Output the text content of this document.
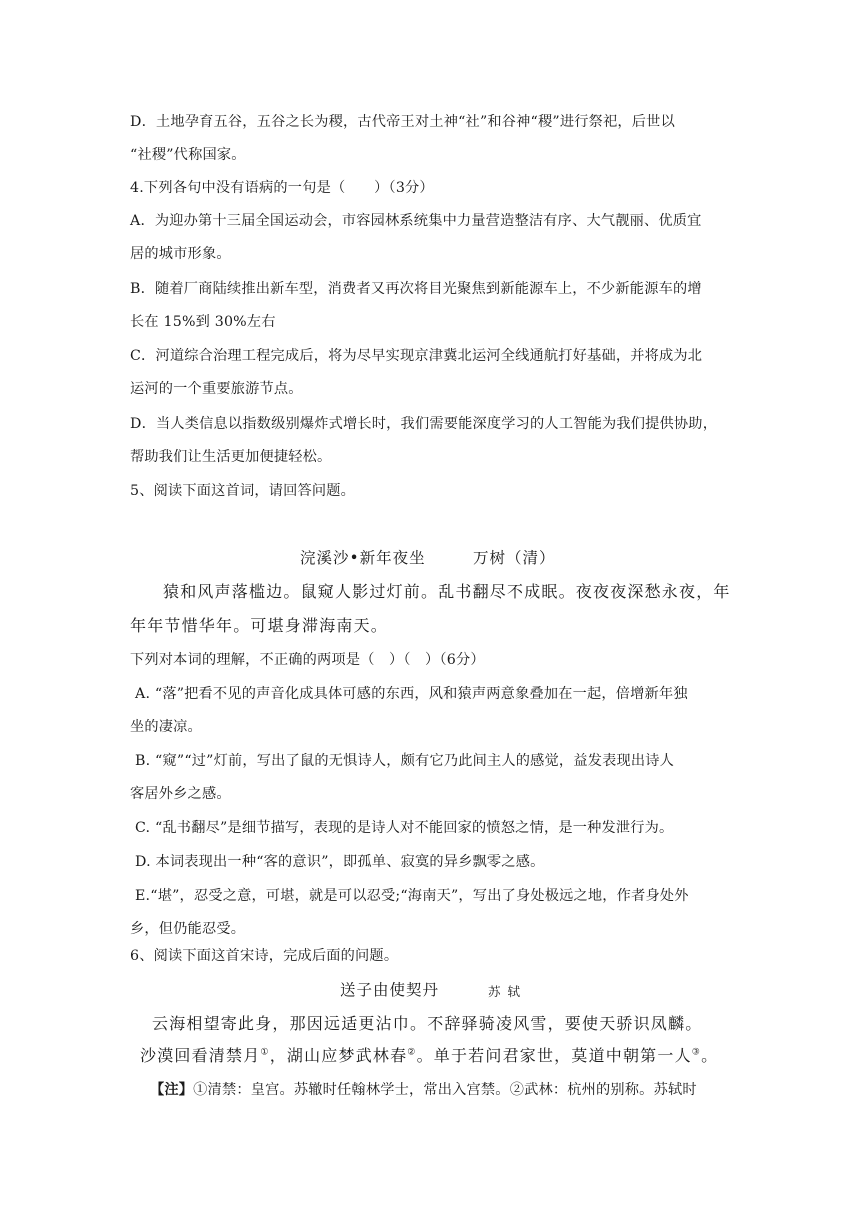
D．土地孕育五谷，五谷之长为稷，古代帝王对土神“社”和谷神“稷”进行祭祀，后世以
“社稷”代称国家。
4.下列各句中没有语病的一句是（　　）（3分）
A．为迎办第十三届全国运动会，市容园林系统集中力量营造整洁有序、大气靓丽、优质宜
居的城市形象。
B．随着厂商陆续推出新车型，消费者又再次将目光聚焦到新能源车上，不少新能源车的增
长在 15%到 30%左右
C．河道综合治理工程完成后，将为尽早实现京津冀北运河全线通航打好基础，并将成为北
运河的一个重要旅游节点。
D．当人类信息以指数级别爆炸式增长时，我们需要能深度学习的人工智能为我们提供协助，
帮助我们让生活更加便捷轻松。
5、阅读下面这首词，请回答问题。
浣溪沙•新年夜坐	万树（清）
猿和风声落槛边。鼠窥人影过灯前。乱书翻尽不成眠。夜夜夜深愁永夜，年
年年节惜华年。可堪身滞海南天。
下列对本词的理解，不正确的两项是（　）（　）（6分）
A. “落”把看不见的声音化成具体可感的东西，风和猿声两意象叠加在一起，倍增新年独
坐的凄凉。
B. “窥”“过”灯前，写出了鼠的无惧诗人，颇有它乃此间主人的感觉，益发表现出诗人
客居外乡之感。
C. “乱书翻尽”是细节描写，表现的是诗人对不能回家的愤怒之情，是一种发泄行为。
D. 本词表现出一种“客的意识”，即孤单、寂寞的异乡飘零之感。
E.“堪”，忍受之意，可堪，就是可以忍受;“海南天”，写出了身处极远之地，作者身处外
乡，但仍能忍受。
6、阅读下面这首宋诗，完成后面的问题。
送子由使契丹	苏 轼
云海相望寄此身，那因远适更沾巾。不辞驿骑凌风雪，要使天骄识凤麟。
沙漠回看清禁月①，湖山应梦武林春②。单于若问君家世，莫道中朝第一人③。
【注】①清禁：皇宫。苏辙时任翰林学士，常出入宫禁。②武林：杭州的别称。苏轼时
